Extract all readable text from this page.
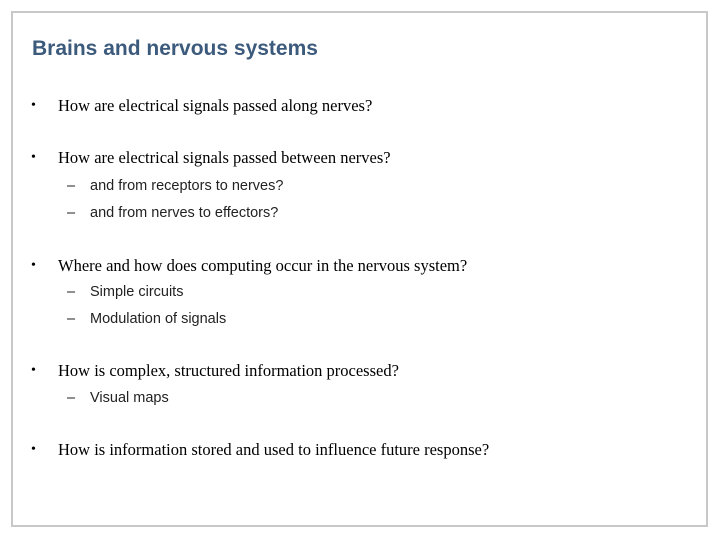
Brains and nervous systems
• How are electrical signals passed along nerves?
• How are electrical signals passed between nerves?
– and from receptors to nerves?
– and from nerves to effectors?
• Where and how does computing occur in the nervous system?
– Simple circuits
– Modulation of signals
• How is complex, structured information processed?
– Visual maps
• How is information stored and used to influence future response?
